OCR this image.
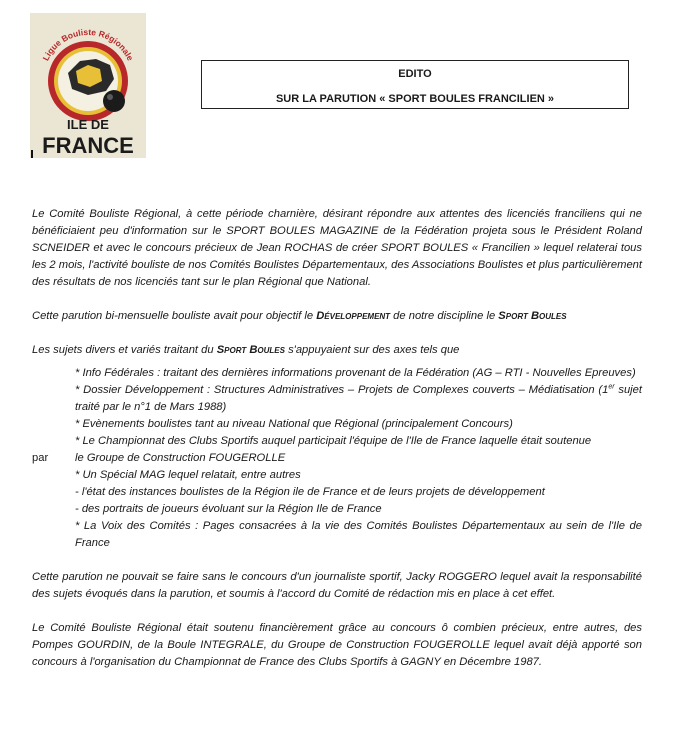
Ligue Bouliste Régionale
ILE DE
FRANCE
EDITO
SUR LA PARUTION « SPORT BOULES FRANCILIEN »

Le Comité Bouliste Régional, à cette période charnière, désirant répondre aux attentes des licenciés franciliens qui ne bénéficiaient peu d'information sur le SPORT BOULES MAGAZINE de la Fédération projeta sous le Président Roland SCNEIDER et avec le concours précieux de Jean ROCHAS de créer SPORT BOULES « Francilien » lequel relaterai tous les 2 mois, l'activité bouliste de nos Comités Boulistes Départementaux, des Associations Boulistes et plus particulièrement des résultats de nos licenciés tant sur le plan Régional que National.

Cette parution bi-mensuelle bouliste avait pour objectif le Développement de notre discipline le Sport Boules

Les sujets divers et variés traitant du Sport Boules s'appuyaient sur des axes tels que

* Info Fédérales : traitant des dernières informations provenant de la Fédération (AG – RTI - Nouvelles Epreuves)

* Dossier Développement : Structures Administratives – Projets de Complexes couverts – Médiatisation (1er sujet traité par le n°1 de Mars 1988)

* Evènements boulistes tant au niveau National que Régional (principalement Concours)

* Le Championnat des Clubs Sportifs auquel participait l'équipe de l'Ile de France laquelle était soutenue

par le Groupe de Construction FOUGEROLLE

* Un Spécial MAG lequel relatait, entre autres

- l'état des instances boulistes de la Région ile de France et de leurs projets de développement

- des portraits de joueurs évoluant sur la Région Ile de France

* La Voix des Comités : Pages consacrées à la vie des Comités Boulistes Départementaux au sein de l'Ile de France

Cette parution ne pouvait se faire sans le concours d'un journaliste sportif, Jacky ROGGERO lequel avait la responsabilité des sujets évoqués dans la parution, et soumis à l'accord du Comité de rédaction mis en place à cet effet.

Le Comité Bouliste Régional était soutenu financièrement grâce au concours ô combien précieux, entre autres, des Pompes GOURDIN, de la Boule INTEGRALE, du Groupe de Construction FOUGEROLLE lequel avait déjà apporté son concours à l'organisation du Championnat de France des Clubs Sportifs à GAGNY en Décembre 1987.
